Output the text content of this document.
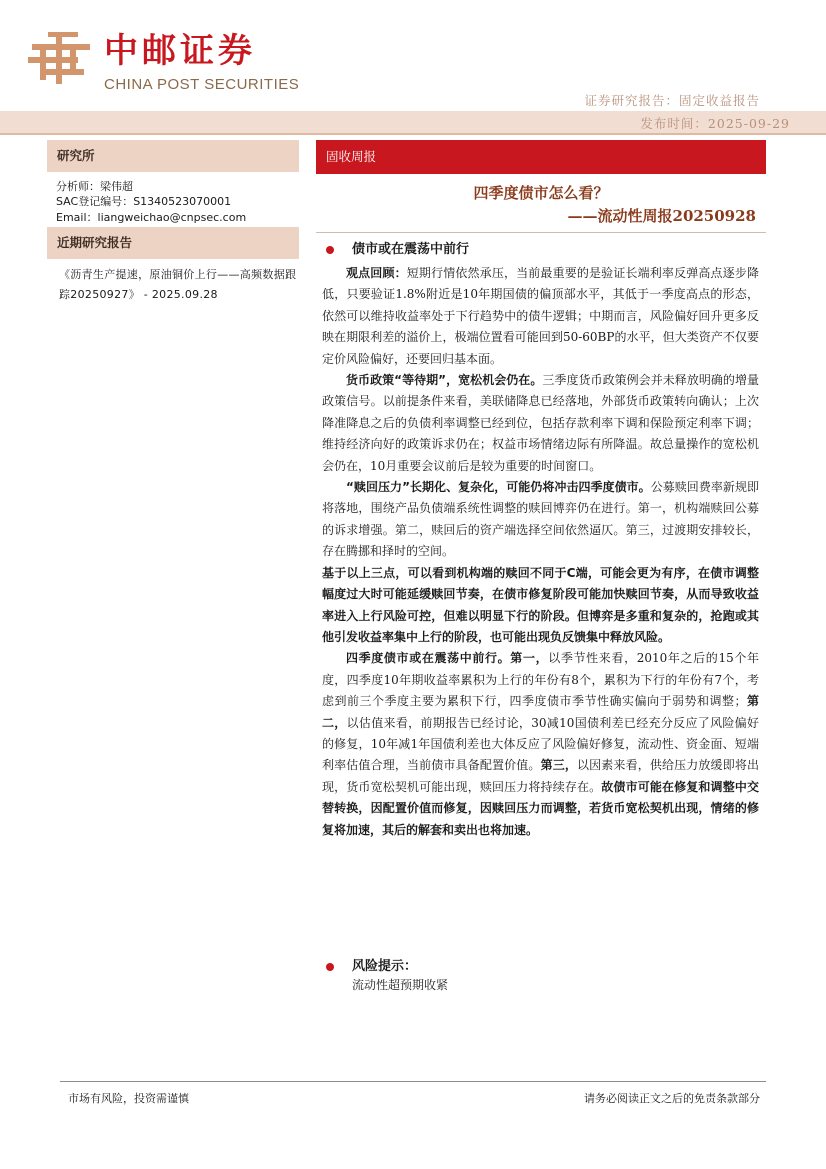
中邮证券
CHINA POST SECURITIES
证券研究报告：固定收益报告
发布时间：2025-09-29
研究所
分析师：梁伟超
SAC登记编号：S1340523070001
Email：liangweichao@cnpsec.com
近期研究报告
《沥青生产提速，原油铜价上行——高频数据跟踪20250927》 - 2025.09.28
固收周报
四季度债市怎么看？
——流动性周报20250928
债市或在震荡中前行

观点回顾：短期行情依然承压，当前最重要的是验证长端利率反弹高点逐步降低，只要验证1.8%附近是10年期国债的偏顶部水平，其低于一季度高点的形态，依然可以维持收益率处于下行趋势中的债牛逻辑；中期而言，风险偏好回升更多反映在期限利差的溢价上，极端位置看可能回到50-60BP的水平，但大类资产不仅要定价风险偏好，还要回归基本面。

货币政策“等待期”，宽松机会仍在。三季度货币政策例会并未释放明确的增量政策信号。以前提条件来看，美联储降息已经落地，外部货币政策转向确认；上次降准降息之后的负债利率调整已经到位，包括存款利率下调和保险预定利率下调；维持经济向好的政策诉求仍在；权益市场情绪边际有所降温。故总量操作的宽松机会仍在，10月重要会议前后是较为重要的时间窗口。

“赎回压力”长期化、复杂化，可能仍将冲击四季度债市。公募赎回费率新规即将落地，围绕产品负债端系统性调整的赎回博弈仍在进行。第一，机构端赎回公募的诉求增强。第二，赎回后的资产端选择空间依然逼仄。第三，过渡期安排较长，存在腾挪和择时的空间。

基于以上三点，可以看到机构端的赎回不同于C端，可能会更为有序，在债市调整幅度过大时可能延缓赎回节奏，在债市修复阶段可能加快赎回节奏，从而导致收益率进入上行风险可控，但难以明显下行的阶段。但博弈是多重和复杂的，抢跑或其他引发收益率集中上行的阶段，也可能出现负反馈集中释放风险。

四季度债市或在震荡中前行。第一，以季节性来看，2010年之后的15个年度，四季度10年期收益率累积为上行的年份有8个，累积为下行的年份有7个，考虑到前三个季度主要为累积下行，四季度债市季节性确实偏向于弱势和调整；第二，以估值来看，前期报告已经讨论，30减10国债利差已经充分反应了风险偏好的修复，10年减1年国债利差也大体反应了风险偏好修复，流动性、资金面、短端利率估值合理，当前债市具备配置价值。第三，以因素来看，供给压力放缓即将出现，货币宽松契机可能出现，赎回压力将持续存在。故债市可能在修复和调整中交替转换，因配置价值而修复，因赎回压力而调整，若货币宽松契机出现，情绪的修复将加速，其后的解套和卖出也将加速。

风险提示：
流动性超预期收紧
市场有风险，投资需谨慎	请务必阅读正文之后的免责条款部分
